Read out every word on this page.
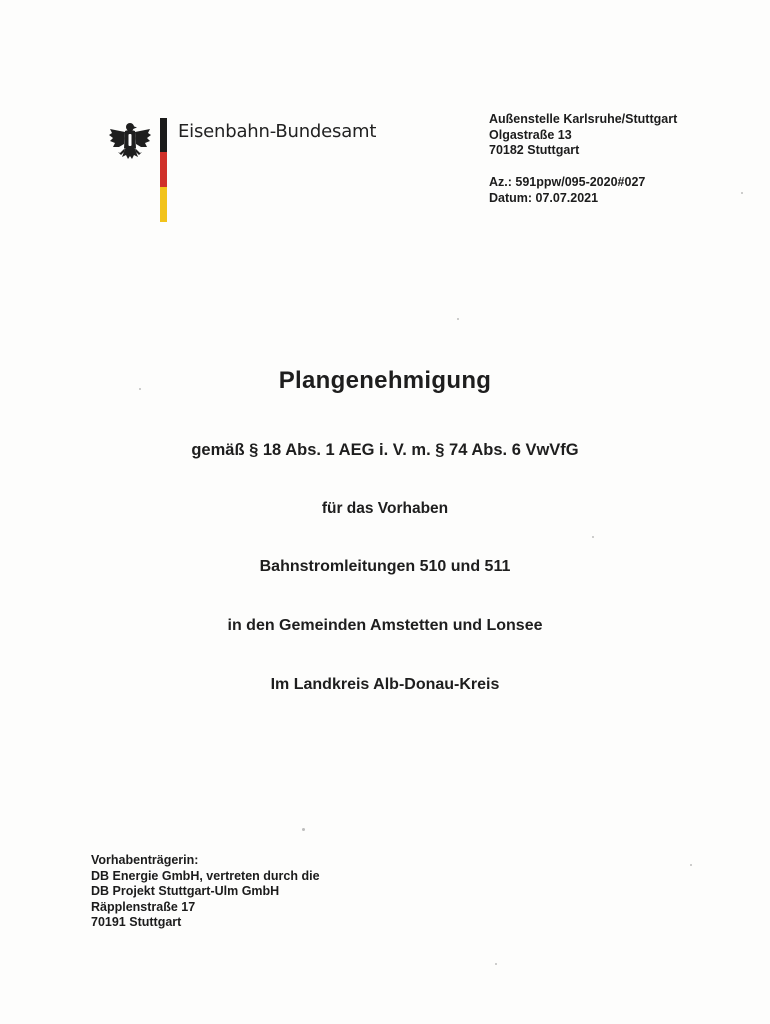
Eisenbahn-Bundesamt
Außenstelle Karlsruhe/Stuttgart
Olgastraße 13
70182 Stuttgart
Az.: 591ppw/095-2020#027
Datum: 07.07.2021
Plangenehmigung
gemäß § 18 Abs. 1 AEG i. V. m. § 74 Abs. 6 VwVfG
für das Vorhaben
Bahnstromleitungen 510 und 511
in den Gemeinden Amstetten und Lonsee
Im Landkreis Alb-Donau-Kreis
Vorhabenträgerin:
DB Energie GmbH, vertreten durch die
DB Projekt Stuttgart-Ulm GmbH
Räpplenstraße 17
70191 Stuttgart
